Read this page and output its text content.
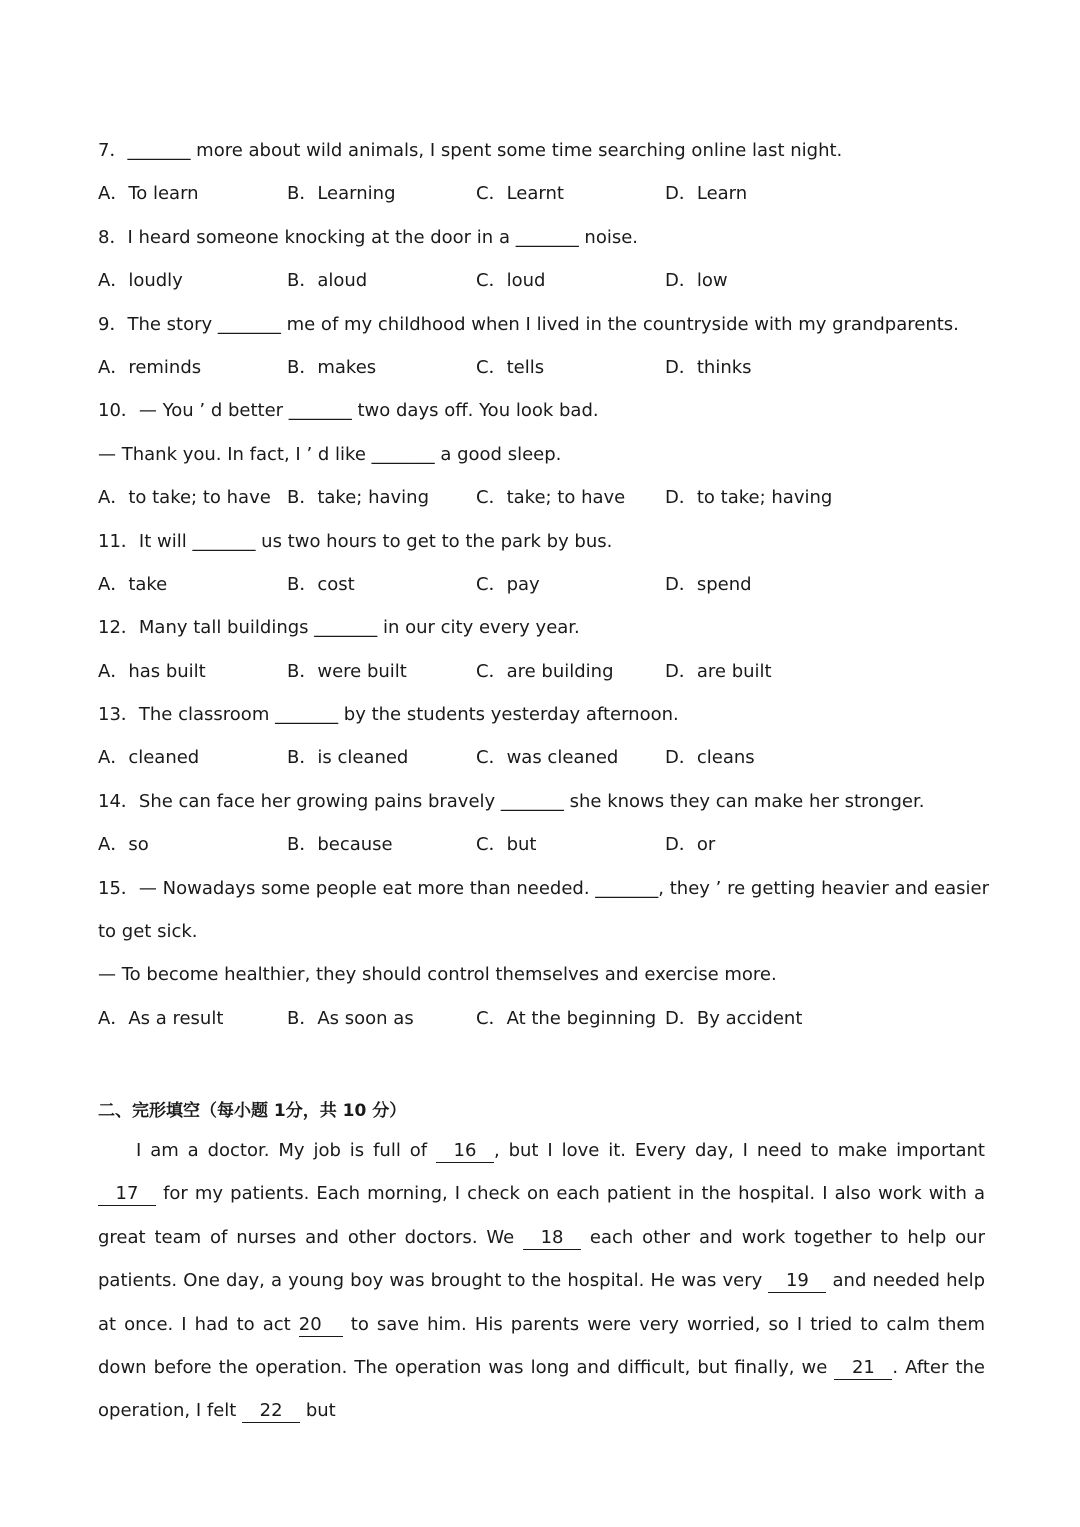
7．_______ more about wild animals, I spent some time searching online last night.
A．To learn	B．Learning	C．Learnt	D．Learn
8．I heard someone knocking at the door in a _______ noise.
A．loudly	B．aloud	C．loud	D．low
9．The story _______ me of my childhood when I lived in the countryside with my grandparents.
A．reminds	B．makes	C．tells	D．thinks
10．— You ’ d better _______ two days off. You look bad.
— Thank you. In fact, I ’ d like _______ a good sleep.
A．to take; to have B．take; having	C．take; to have	D．to take; having
11．It will _______ us two hours to get to the park by bus.
A．take	B．cost	C．pay	D．spend
12．Many tall buildings _______ in our city every year.
A．has built	B．were built	C．are building	D．are built
13．The classroom _______ by the students yesterday afternoon.
A．cleaned	B．is cleaned	C．was cleaned	D．cleans
14．She can face her growing pains bravely _______ she knows they can make her stronger.
A．so	B．because	C．but	D．or
15．— Nowadays some people eat more than needed. _______, they ’ re getting heavier and easier
to get sick.
— To become healthier, they should control themselves and exercise more.
A．As a result	B．As soon as	C．At the beginning D．By accident
二、完形填空（每小题 1分，共 10 分）
I am a doctor. My job is full of 16 , but I love it. Every day, I need to make important 17 for my patients. Each morning, I check on each patient in the hospital. I also work with a great team of nurses and other doctors. We 18 each other and work together to help our patients. One day, a young boy was brought to the hospital. He was very 19 and needed help at once. I had to act 20 to save him. His parents were very worried, so I tried to calm them down before the operation. The operation was long and difficult, but finally, we 21 . After the operation, I felt 22 but
